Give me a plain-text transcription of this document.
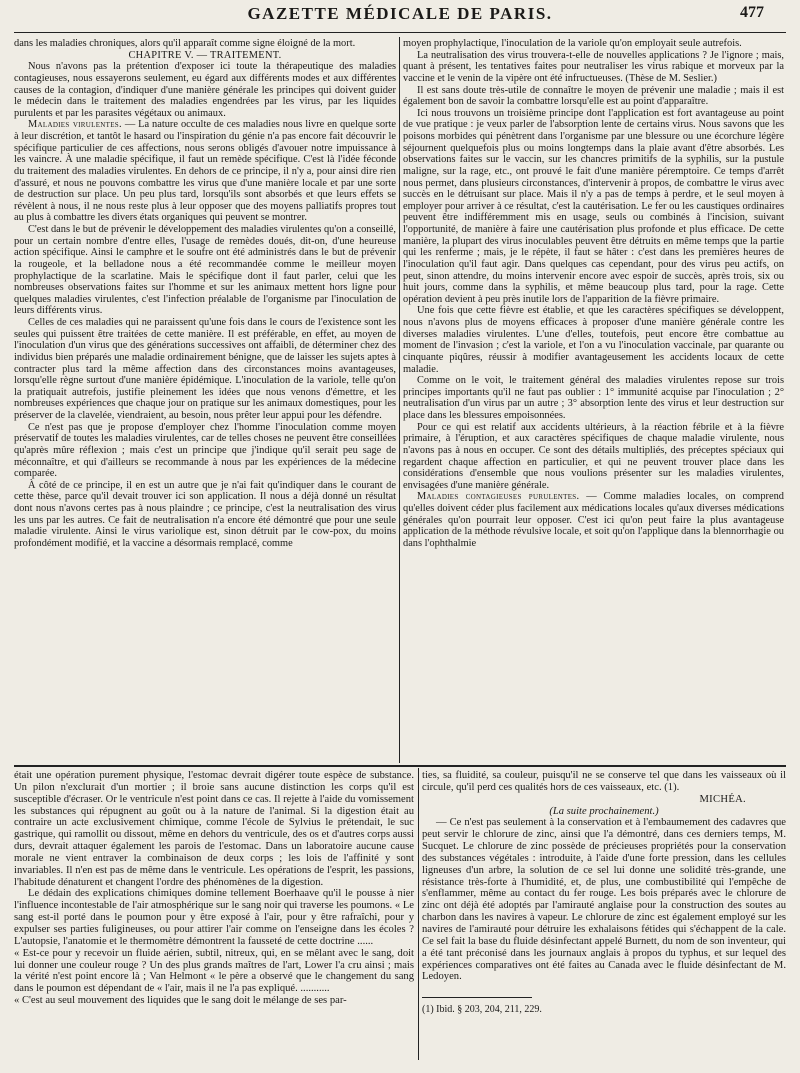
GAZETTE MÉDICALE DE PARIS.	477

dans les maladies chroniques, alors qu'il apparaît comme signe éloigné de la mort.

CHAPITRE V. — TRAITEMENT.

Nous n'avons pas la prétention d'exposer ici toute la thérapeutique des maladies contagieuses, nous essayerons seulement, eu égard aux différents modes et aux différentes causes de la contagion, d'indiquer d'une manière générale les principes qui doivent guider le médecin dans le traitement des maladies engendrées par les virus, par les liquides purulents et par les parasites végétaux ou animaux.

Maladies virulentes. — La nature occulte de ces maladies nous livre en quelque sorte à leur discrétion, et tantôt le hasard ou l'inspiration du génie n'a pas encore fait découvrir le spécifique particulier de ces affections, nous serons obligés d'avouer notre impuissance à les vaincre. À une maladie spécifique, il faut un remède spécifique. C'est là l'idée féconde du traitement des maladies virulentes. En dehors de ce principe, il n'y a, pour ainsi dire rien d'assuré, et nous ne pouvons combattre les virus que d'une manière locale et par une sorte de destruction sur place. Un peu plus tard, lorsqu'ils sont absorbés et que leurs effets se révèlent à nous, il ne nous reste plus à leur opposer que des moyens palliatifs propres tout au plus à combattre les divers états organiques qui peuvent se montrer.

C'est dans le but de prévenir le développement des maladies virulentes qu'on a conseillé, pour un certain nombre d'entre elles, l'usage de remèdes doués, dit-on, d'une heureuse action spécifique. Ainsi le camphre et le soufre ont été administrés dans le but de prévenir la rougeole, et la belladone nous a été recommandée comme le meilleur moyen prophylactique de la scarlatine. Mais le spécifique dont il faut parler, celui que les nombreuses observations faites sur l'homme et sur les animaux mettent hors ligne pour quelques maladies virulentes, c'est l'infection préalable de l'organisme par l'inoculation de leurs différents virus.

Celles de ces maladies qui ne paraissent qu'une fois dans le cours de l'existence sont les seules qui puissent être traitées de cette manière. Il est préférable, en effet, au moyen de l'inoculation d'un virus que des générations successives ont affaibli, de déterminer chez des individus bien préparés une maladie ordinairement bénigne, que de laisser les sujets aptes à contracter plus tard la même affection dans des circonstances moins avantageuses, lorsqu'elle règne surtout d'une manière épidémique. L'inoculation de la variole, telle qu'on la pratiquait autrefois, justifie pleinement les idées que nous venons d'émettre, et les nombreuses expériences que chaque jour on pratique sur les animaux domestiques, pour les préserver de la clavelée, viendraient, au besoin, nous prêter leur appui pour les défendre.

Ce n'est pas que je propose d'employer chez l'homme l'inoculation comme moyen préservatif de toutes les maladies virulentes, car de telles choses ne peuvent être conseillées qu'après mûre réflexion ; mais c'est un principe que j'indique qu'il serait peu sage de méconnaître, et qui d'ailleurs se recommande à nous par les expériences de la médecine comparée.

À côté de ce principe, il en est un autre que je n'ai fait qu'indiquer dans le courant de cette thèse, parce qu'il devait trouver ici son application. Il nous a déjà donné un résultat dont nous n'avons certes pas à nous plaindre ; ce principe, c'est la neutralisation des virus les uns par les autres. Ce fait de neutralisation n'a encore été démontré que pour une seule maladie virulente. Ainsi le virus variolique est, sinon détruit par le cow-pox, du moins profondément modifié, et la vaccine a désormais remplacé, comme

moyen prophylactique, l'inoculation de la variole qu'on employait seule autrefois.

La neutralisation des virus trouvera-t-elle de nouvelles applications ? Je l'ignore ; mais, quant à présent, les tentatives faites pour neutraliser les virus rabique et morveux par la vaccine et le venin de la vipère ont été infructueuses. (Thèse de M. Seslier.)

Il est sans doute très-utile de connaître le moyen de prévenir une maladie ; mais il est également bon de savoir la combattre lorsqu'elle est au point d'apparaître.

Ici nous trouvons un troisième principe dont l'application est fort avantageuse au point de vue pratique : je veux parler de l'absorption lente de certains virus. Nous savons que les poisons morbides qui pénètrent dans l'organisme par une blessure ou une écorchure légère séjournent quelquefois plus ou moins longtemps dans la plaie avant d'être absorbés. Les observations faites sur le vaccin, sur les chancres primitifs de la syphilis, sur la pustule maligne, sur la rage, etc., ont prouvé le fait d'une manière péremptoire. Ce temps d'arrêt nous permet, dans plusieurs circonstances, d'intervenir à propos, de combattre le virus avec succès en le détruisant sur place. Mais il n'y a pas de temps à perdre, et le seul moyen à employer pour arriver à ce résultat, c'est la cautérisation. Le fer ou les caustiques ordinaires peuvent être indifféremment mis en usage, seuls ou combinés à l'incision, suivant l'opportunité, de manière à faire une cautérisation plus profonde et plus efficace. De cette manière, la plupart des virus inoculables peuvent être détruits en même temps que la partie qui les renferme ; mais, je le répète, il faut se hâter : c'est dans les premières heures de l'inoculation qu'il faut agir. Dans quelques cas cependant, pour des virus peu actifs, on peut, sinon attendre, du moins intervenir encore avec espoir de succès, après trois, six ou huit jours, comme dans la syphilis, et même beaucoup plus tard, pour la rage. Cette opération devient à peu près inutile lors de l'apparition de la fièvre primaire.

Une fois que cette fièvre est établie, et que les caractères spécifiques se développent, nous n'avons plus de moyens efficaces à proposer d'une manière générale contre les diverses maladies virulentes. L'une d'elles, toutefois, peut encore être combattue au moment de l'invasion ; c'est la variole, et l'on a vu l'inoculation vaccinale, par quarante ou cinquante piqûres, réussir à modifier avantageusement les accidents locaux de cette maladie.

Comme on le voit, le traitement général des maladies virulentes repose sur trois principes importants qu'il ne faut pas oublier : 1° immunité acquise par l'inoculation ; 2° neutralisation d'un virus par un autre ; 3° absorption lente des virus et leur destruction sur place dans les blessures empoisonnées.

Pour ce qui est relatif aux accidents ultérieurs, à la réaction fébrile et à la fièvre primaire, à l'éruption, et aux caractères spécifiques de chaque maladie virulente, nous n'avons pas à nous en occuper. Ce sont des détails multipliés, des préceptes spéciaux qui regardent chaque affection en particulier, et qui ne peuvent trouver place dans les considérations d'ensemble que nous voulions présenter sur les maladies virulentes, envisagées d'une manière générale.

Maladies contagieuses purulentes. — Comme maladies locales, on comprend qu'elles doivent céder plus facilement aux médications locales qu'aux diverses médications générales qu'on pourrait leur opposer. C'est ici qu'on peut faire la plus avantageuse application de la méthode révulsive locale, et soit qu'on l'applique dans la blennorrhagie ou dans l'ophthalmie

était une opération purement physique, l'estomac devrait digérer toute espèce de substance. Un pilon n'exclurait d'un mortier ; il broie sans aucune distinction les corps qu'il est susceptible d'écraser. Or le ventricule n'est point dans ce cas. Il rejette à l'aide du vomissement les substances qui répugnent au goût ou à la nature de l'animal. Si la digestion était au contraire un acte exclusivement chimique, comme l'école de Sylvius le prétendait, le suc gastrique, qui ramollit ou dissout, même en dehors du ventricule, des os et d'autres corps aussi durs, devrait attaquer également les parois de l'estomac. Dans un laboratoire aucune cause morale ne vient entraver la combinaison de deux corps ; les lois de l'affinité y sont invariables. Il n'en est pas de même dans le ventricule. Les opérations de l'esprit, les passions, l'habitude dénaturent et changent l'ordre des phénomènes de la digestion.

Le dédain des explications chimiques domine tellement Boerhaave qu'il le pousse à nier l'influence incontestable de l'air atmosphérique sur le sang noir qui traverse les poumons. « Le sang est-il porté dans le poumon pour y être exposé à l'air, pour y être rafraîchi, pour y expulser ses parties fuligineuses, ou pour attirer l'air comme on l'enseigne dans les écoles ? L'autopsie, l'anatomie et le thermomètre démontrent la fausseté de cette doctrine ......

« Est-ce pour y recevoir un fluide aérien, subtil, nitreux, qui, en se mêlant avec le sang, doit lui donner une couleur rouge ? Un des plus grands maîtres de l'art, Lower l'a cru ainsi ; mais la vérité n'est point encore là ; Van Helmont « le père a observé que le changement du sang dans le poumon est dépendant de « l'air, mais il ne l'a pas expliqué. ...........

« C'est au seul mouvement des liquides que le sang doit le mélange de ses par-

ties, sa fluidité, sa couleur, puisqu'il ne se conserve tel que dans les vaisseaux où il circule, qu'il perd ces qualités hors de ces vaisseaux, etc. (1).

MICHÉA.

(La suite prochainement.)

— Ce n'est pas seulement à la conservation et à l'embaumement des cadavres que peut servir le chlorure de zinc, ainsi que l'a démontré, dans ces derniers temps, M. Sucquet. Le chlorure de zinc possède de précieuses propriétés pour la conservation des substances végétales : introduite, à l'aide d'une forte pression, dans les cellules ligneuses d'un arbre, la solution de ce sel lui donne une solidité très-grande, une résistance très-forte à l'humidité, et, de plus, une combustibilité qui l'empêche de s'enflammer, même au contact du fer rouge. Les bois préparés avec le chlorure de zinc ont déjà été adoptés par l'amirauté anglaise pour la construction des soutes au charbon dans les navires à vapeur. Le chlorure de zinc est également employé sur les navires de l'amirauté pour détruire les exhalaisons fétides qui s'échappent de la cale. Ce sel fait la base du fluide désinfectant appelé Burnett, du nom de son inventeur, qui a été tant préconisé dans les journaux anglais à propos du typhus, et sur lequel des expériences comparatives ont été faites au Canada avec le fluide désinfectant de M. Ledoyen.

(1) Ibid. § 203, 204, 211, 229.
